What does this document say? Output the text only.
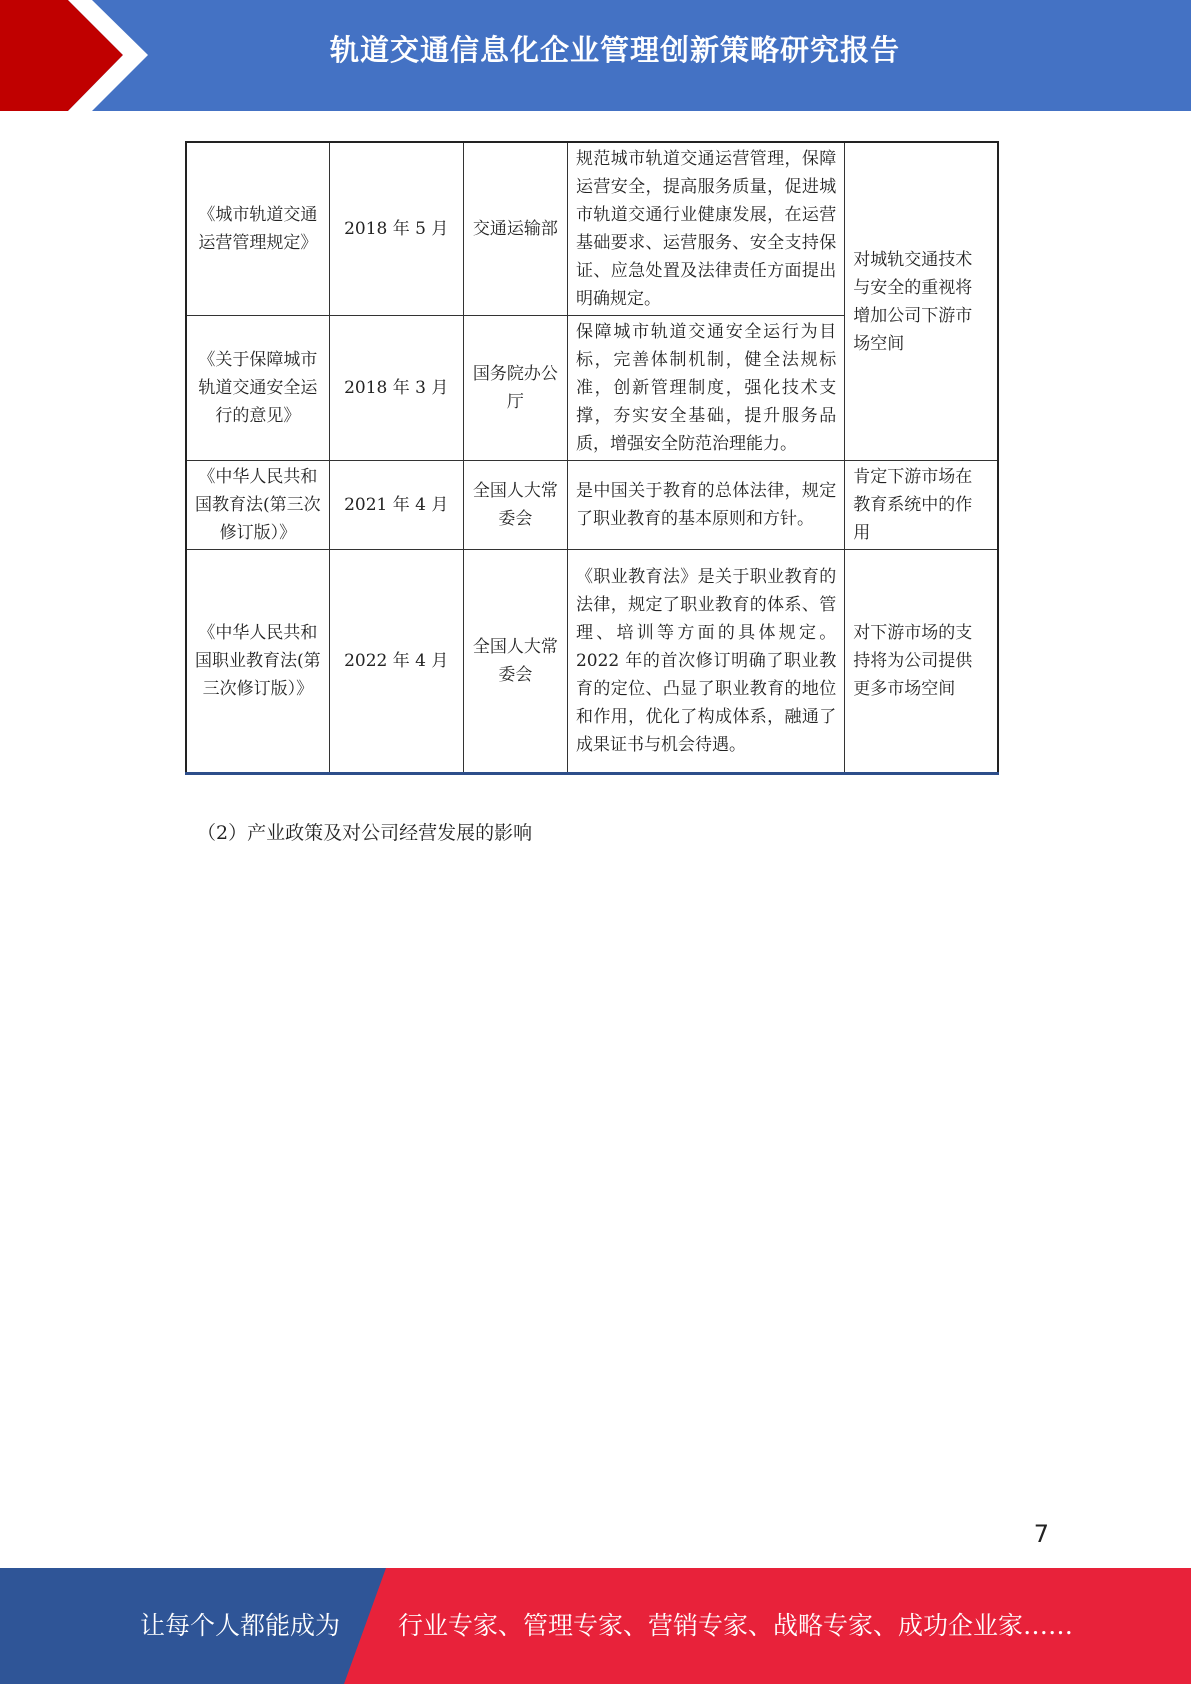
轨道交通信息化企业管理创新策略研究报告
《城市轨道交通运营管理规定》	2018 年 5 月	交通运输部	规范城市轨道交通运营管理，保障运营安全，提高服务质量，促进城市轨道交通行业健康发展，在运营基础要求、运营服务、安全支持保证、应急处置及法律责任方面提出明确规定。	对城轨交通技术与安全的重视将增加公司下游市场空间
《关于保障城市轨道交通安全运行的意见》	2018 年 3 月	国务院办公厅	保障城市轨道交通安全运行为目标，完善体制机制，健全法规标准，创新管理制度，强化技术支撑，夯实安全基础，提升服务品质，增强安全防范治理能力。	
《中华人民共和国教育法(第三次修订版）》	2021 年 4 月	全国人大常委会	是中国关于教育的总体法律，规定了职业教育的基本原则和方针。	肯定下游市场在教育系统中的作用
《中华人民共和国职业教育法(第三次修订版）》	2022 年 4 月	全国人大常委会	《职业教育法》是关于职业教育的法律，规定了职业教育的体系、管理、培训等方面的具体规定。2022 年的首次修订明确了职业教育的定位、凸显了职业教育的地位和作用，优化了构成体系，融通了成果证书与机会待遇。	对下游市场的支持将为公司提供更多市场空间
（2）产业政策及对公司经营发展的影响
7
让每个人都能成为 行业专家、管理专家、营销专家、战略专家、成功企业家……
